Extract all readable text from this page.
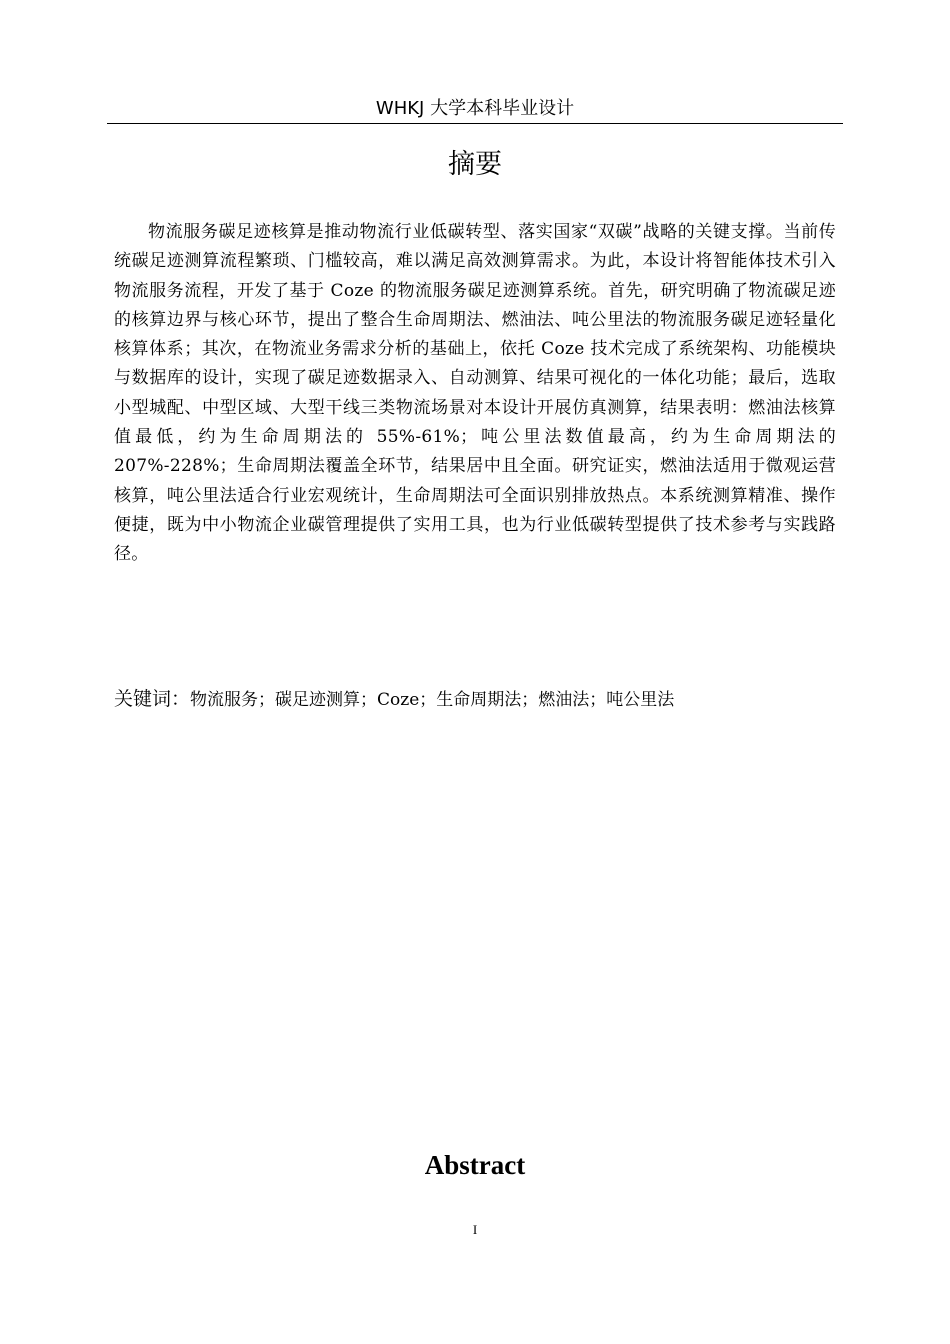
WHKJ 大学本科毕业设计
摘要

物流服务碳足迹核算是推动物流行业低碳转型、落实国家“双碳”战略的关键支撑。当前传统碳足迹测算流程繁琐、门槛较高，难以满足高效测算需求。为此，本设计将智能体技术引入物流服务流程，开发了基于 Coze 的物流服务碳足迹测算系统。首先，研究明确了物流碳足迹的核算边界与核心环节，提出了整合生命周期法、燃油法、吨公里法的物流服务碳足迹轻量化核算体系；其次，在物流业务需求分析的基础上，依托 Coze 技术完成了系统架构、功能模块与数据库的设计，实现了碳足迹数据录入、自动测算、结果可视化的一体化功能；最后，选取小型城配、中型区域、大型干线三类物流场景对本设计开展仿真测算，结果表明：燃油法核算值最低，约为生命周期法的 55%-61%；吨公里法数值最高，约为生命周期法的 207%-228%；生命周期法覆盖全环节，结果居中且全面。研究证实，燃油法适用于微观运营核算，吨公里法适合行业宏观统计，生命周期法可全面识别排放热点。本系统测算精准、操作便捷，既为中小物流企业碳管理提供了实用工具，也为行业低碳转型提供了技术参考与实践路径。

关键词：物流服务；碳足迹测算；Coze；生命周期法；燃油法；吨公里法
Abstract
I
